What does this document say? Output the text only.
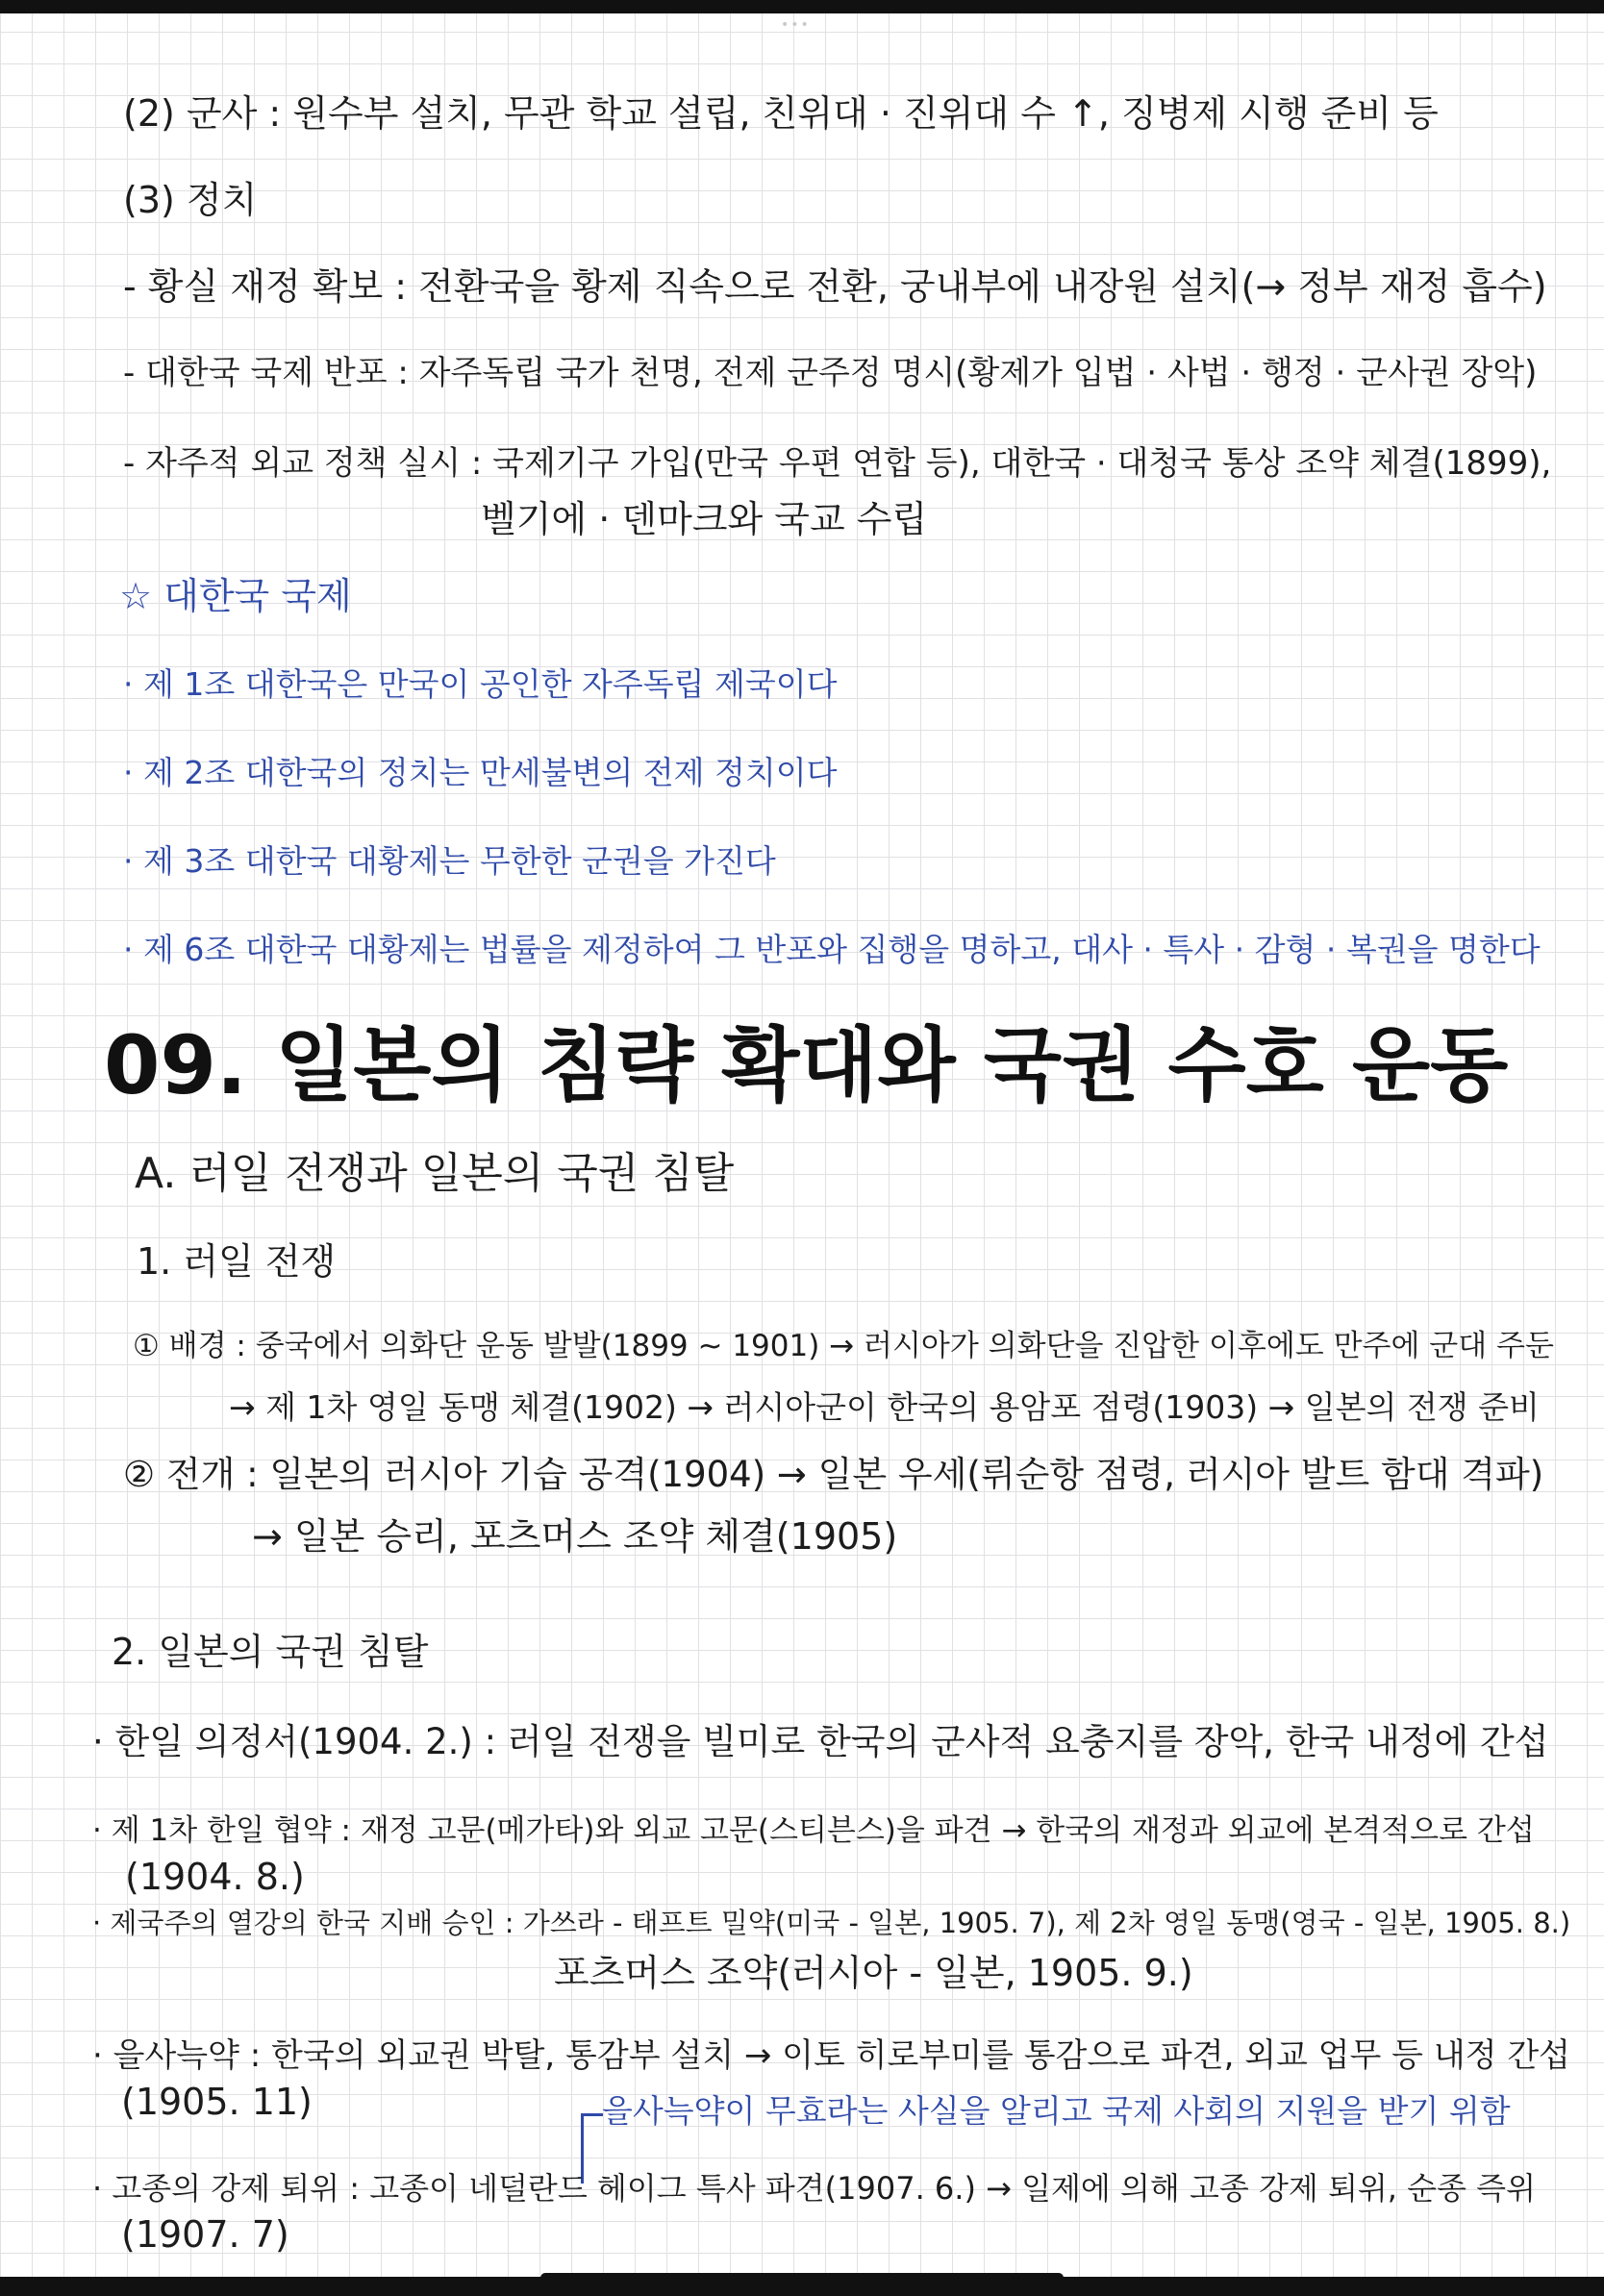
•••
(2) 군사 : 원수부 설치, 무관 학교 설립, 친위대 · 진위대 수 ↑, 징병제 시행 준비 등
(3) 정치
- 황실 재정 확보 : 전환국을 황제 직속으로 전환, 궁내부에 내장원 설치(→ 정부 재정 흡수)
- 대한국 국제 반포 : 자주독립 국가 천명, 전제 군주정 명시(황제가 입법 · 사법 · 행정 · 군사권 장악)
- 자주적 외교 정책 실시 : 국제기구 가입(만국 우편 연합 등), 대한국 · 대청국 통상 조약 체결(1899),
벨기에 · 덴마크와 국교 수립
☆ 대한국 국제
· 제 1조 대한국은 만국이 공인한 자주독립 제국이다
· 제 2조 대한국의 정치는 만세불변의 전제 정치이다
· 제 3조 대한국 대황제는 무한한 군권을 가진다
· 제 6조 대한국 대황제는 법률을 제정하여 그 반포와 집행을 명하고, 대사 · 특사 · 감형 · 복권을 명한다
09. 일본의 침략 확대와 국권 수호 운동
A. 러일 전쟁과 일본의 국권 침탈
1. 러일 전쟁
① 배경 : 중국에서 의화단 운동 발발(1899 ~ 1901) → 러시아가 의화단을 진압한 이후에도 만주에 군대 주둔
→ 제 1차 영일 동맹 체결(1902) → 러시아군이 한국의 용암포 점령(1903) → 일본의 전쟁 준비
② 전개 : 일본의 러시아 기습 공격(1904) → 일본 우세(뤼순항 점령, 러시아 발트 함대 격파)
→ 일본 승리, 포츠머스 조약 체결(1905)
2. 일본의 국권 침탈
· 한일 의정서(1904. 2.) : 러일 전쟁을 빌미로 한국의 군사적 요충지를 장악, 한국 내정에 간섭
· 제 1차 한일 협약 : 재정 고문(메가타)와 외교 고문(스티븐스)을 파견 → 한국의 재정과 외교에 본격적으로 간섭
(1904. 8.)
· 제국주의 열강의 한국 지배 승인 : 가쓰라 - 태프트 밀약(미국 - 일본, 1905. 7), 제 2차 영일 동맹(영국 - 일본, 1905. 8.)
포츠머스 조약(러시아 - 일본, 1905. 9.)
· 을사늑약 : 한국의 외교권 박탈, 통감부 설치 → 이토 히로부미를 통감으로 파견, 외교 업무 등 내정 간섭
(1905. 11)	을사늑약이 무효라는 사실을 알리고 국제 사회의 지원을 받기 위함
· 고종의 강제 퇴위 : 고종이 네덜란드 헤이그 특사 파견(1907. 6.) → 일제에 의해 고종 강제 퇴위, 순종 즉위
(1907. 7)
